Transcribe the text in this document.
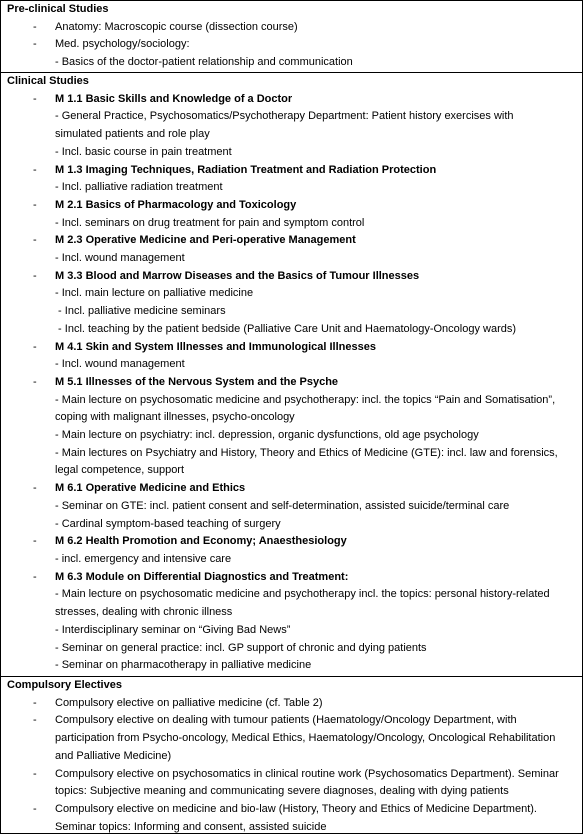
Pre-clinical Studies
-	Anatomy: Macroscopic course (dissection course)
-	Med. psychology/sociology:
- Basics of the doctor-patient relationship and communication
Clinical Studies
-	M 1.1 Basic Skills and Knowledge of a Doctor
- General Practice, Psychosomatics/Psychotherapy Department: Patient history exercises with
simulated patients and role play
- Incl. basic course in pain treatment
-	M 1.3 Imaging Techniques, Radiation Treatment and Radiation Protection
- Incl. palliative radiation treatment
-	M 2.1 Basics of Pharmacology and Toxicology
- Incl. seminars on drug treatment for pain and symptom control
-	M 2.3 Operative Medicine and Peri-operative Management
- Incl. wound management
-	M 3.3 Blood and Marrow Diseases and the Basics of Tumour Illnesses
- Incl. main lecture on palliative medicine
- Incl. palliative medicine seminars
- Incl. teaching by the patient bedside (Palliative Care Unit and Haematology-Oncology wards)
-	M 4.1 Skin and System Illnesses and Immunological Illnesses
- Incl. wound management
-	M 5.1 Illnesses of the Nervous System and the Psyche
- Main lecture on psychosomatic medicine and psychotherapy: incl. the topics “Pain and Somatisation”,
coping with malignant illnesses, psycho-oncology
- Main lecture on psychiatry: incl. depression, organic dysfunctions, old age psychology
- Main lectures on Psychiatry and History, Theory and Ethics of Medicine (GTE): incl. law and forensics,
legal competence, support
-	M 6.1 Operative Medicine and Ethics
- Seminar on GTE: incl. patient consent and self-determination, assisted suicide/terminal care
- Cardinal symptom-based teaching of surgery
-	M 6.2 Health Promotion and Economy; Anaesthesiology
- incl. emergency and intensive care
-	M 6.3 Module on Differential Diagnostics and Treatment:
- Main lecture on psychosomatic medicine and psychotherapy incl. the topics: personal history-related
stresses, dealing with chronic illness
- Interdisciplinary seminar on “Giving Bad News”
- Seminar on general practice: incl. GP support of chronic and dying patients
- Seminar on pharmacotherapy in palliative medicine
Compulsory Electives
-	Compulsory elective on palliative medicine (cf. Table 2)
-	Compulsory elective on dealing with tumour patients (Haematology/Oncology Department, with
participation from Psycho-oncology, Medical Ethics, Haematology/Oncology, Oncological Rehabilitation
and Palliative Medicine)
-	Compulsory elective on psychosomatics in clinical routine work (Psychosomatics Department). Seminar
topics: Subjective meaning and communicating severe diagnoses, dealing with dying patients
-	Compulsory elective on medicine and bio-law (History, Theory and Ethics of Medicine Department).
Seminar topics: Informing and consent, assisted suicide
